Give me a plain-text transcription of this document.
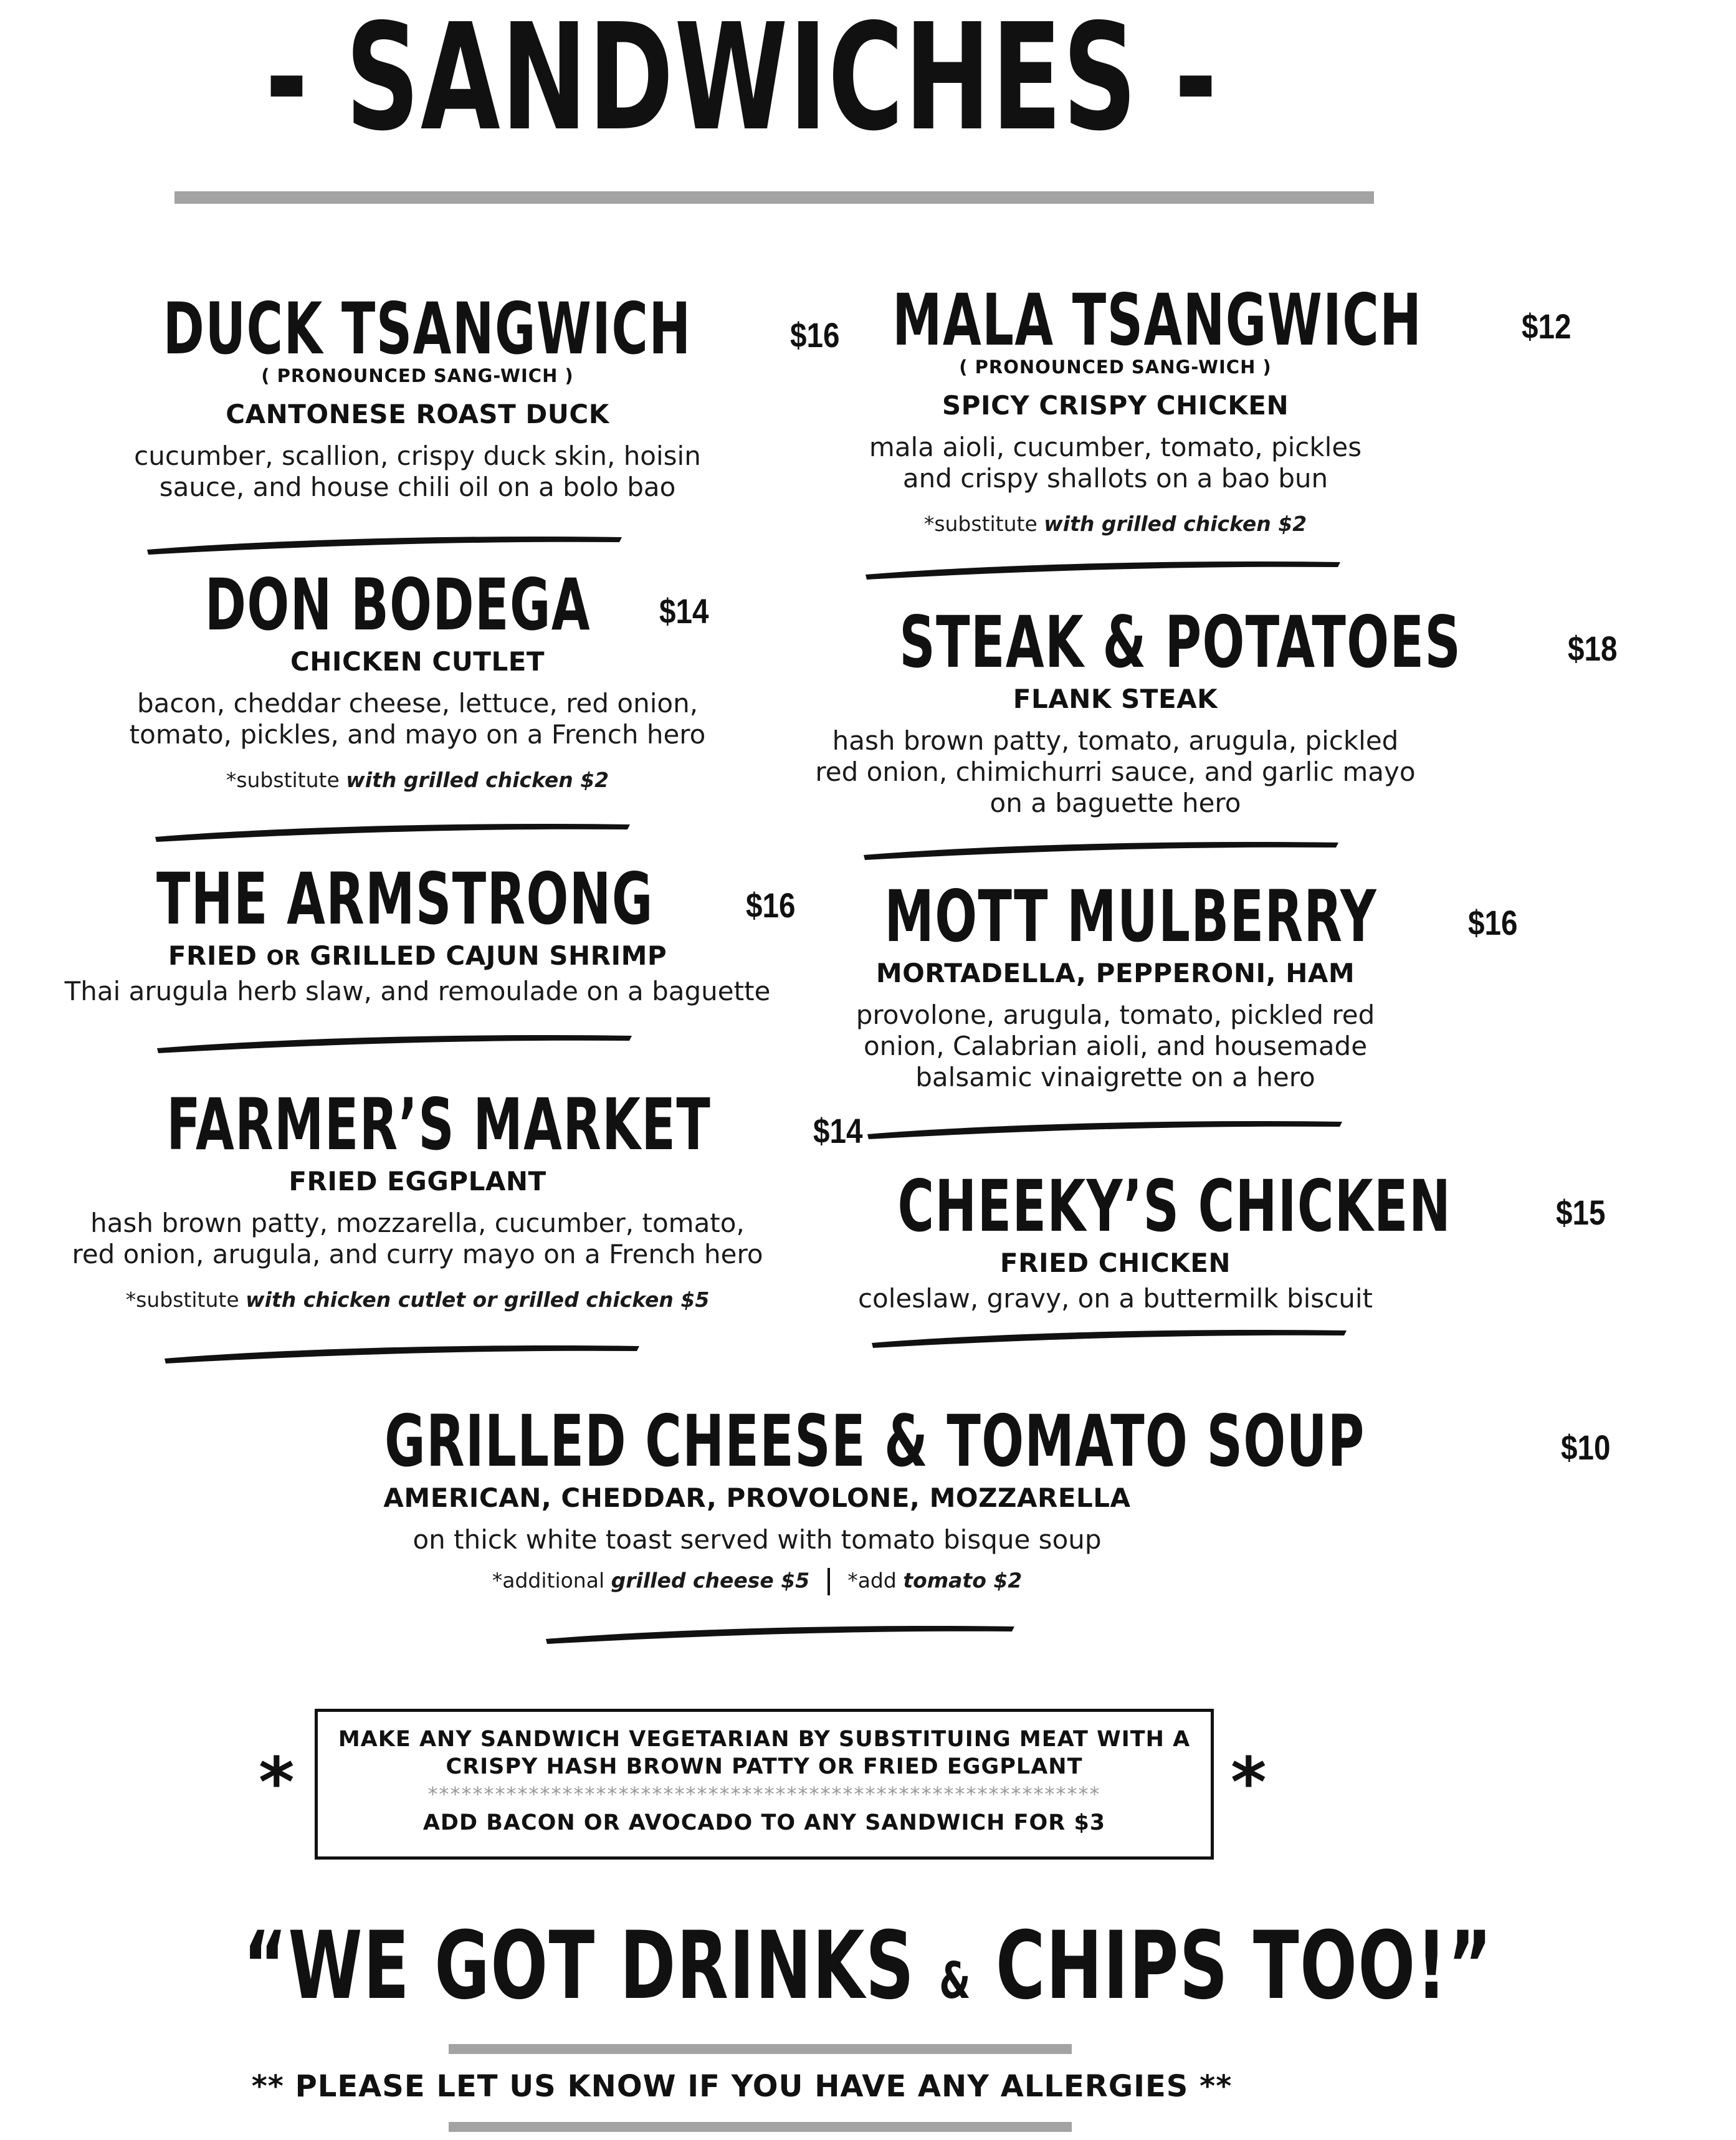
- SANDWICHES -
DUCK TSANGWICH	$16
( PRONOUNCED SANG-WICH )
CANTONESE ROAST DUCK
cucumber, scallion, crispy duck skin, hoisin
sauce, and house chili oil on a bolo bao
DON BODEGA $14
CHICKEN CUTLET
bacon, cheddar cheese, lettuce, red onion,
tomato, pickles, and mayo on a French hero
*substitute with grilled chicken $2
THE ARMSTRONG	$16
FRIED OR GRILLED CAJUN SHRIMP
Thai arugula herb slaw, and remoulade on a baguette
FARMER’S MARKET	$14
FRIED EGGPLANT
hash brown patty, mozzarella, cucumber, tomato,
red onion, arugula, and curry mayo on a French hero
*substitute with chicken cutlet or grilled chicken $5
MALA TSANGWICH	$12
( PRONOUNCED SANG-WICH )
SPICY CRISPY CHICKEN
mala aioli, cucumber, tomato, pickles
and crispy shallots on a bao bun
*substitute with grilled chicken $2
STEAK & POTATOES	$18
FLANK STEAK
hash brown patty, tomato, arugula, pickled
red onion, chimichurri sauce, and garlic mayo
on a baguette hero
MOTT MULBERRY	$16
MORTADELLA, PEPPERONI, HAM
provolone, arugula, tomato, pickled red
onion, Calabrian aioli, and housemade
balsamic vinaigrette on a hero
CHEEKY’S CHICKEN	$15
FRIED CHICKEN
coleslaw, gravy, on a buttermilk biscuit
GRILLED CHEESE & TOMATO SOUP	$10
AMERICAN, CHEDDAR, PROVOLONE, MOZZARELLA
on thick white toast served with tomato bisque soup
*additional grilled cheese $5 *add tomato $2
*
MAKE ANY SANDWICH VEGETARIAN BY SUBSTITUING MEAT WITH A
CRISPY HASH BROWN PATTY OR FRIED EGGPLANT
************************************************************
ADD BACON OR AVOCADO TO ANY SANDWICH FOR $3
*
“WE GOT DRINKS & CHIPS TOO!”
** PLEASE LET US KNOW IF YOU HAVE ANY ALLERGIES **
